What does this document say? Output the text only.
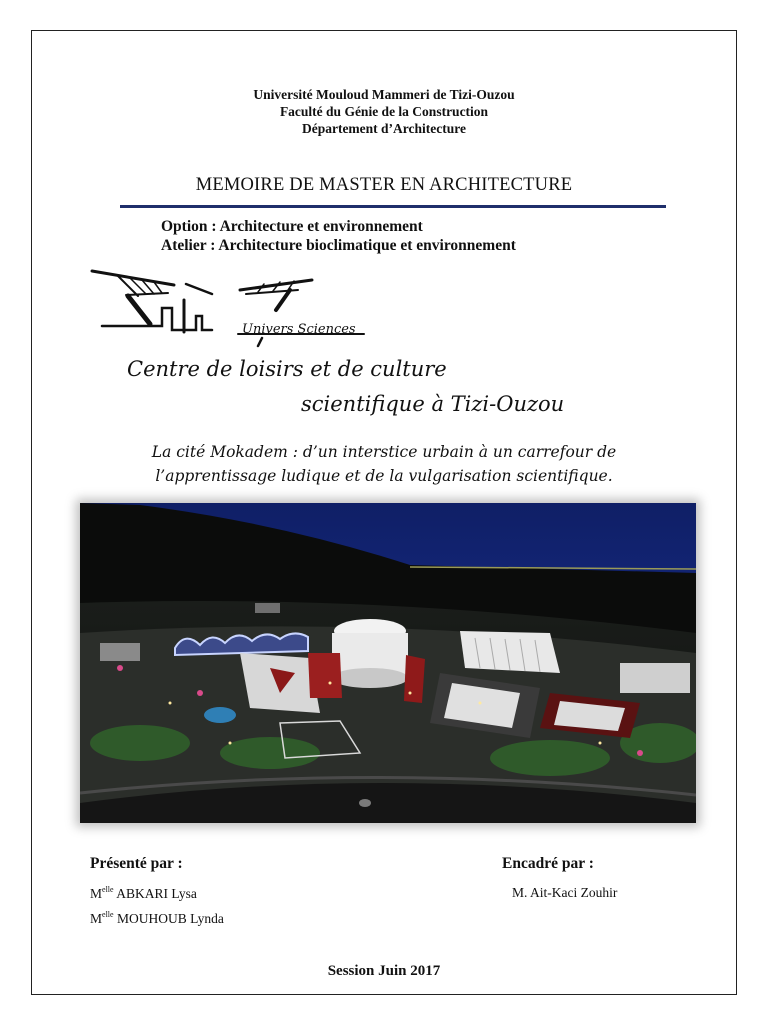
Université Mouloud Mammeri de Tizi-Ouzou
Faculté du Génie de la Construction
Département d’Architecture
MEMOIRE DE MASTER EN ARCHITECTURE
Option : Architecture et environnement
Atelier : Architecture bioclimatique et environnement
Univers Sciences
Centre de loisirs et de culture
scientifique à Tizi-Ouzou
La cité Mokadem : d’un interstice urbain à un carrefour de
l’apprentissage ludique et de la vulgarisation scientifique.
Présenté par :
$M^{elle}$ ABKARI Lysa
$M^{elle}$ MOUHOUB Lynda
Encadré par :
M. Ait-Kaci Zouhir
Session Juin 2017
